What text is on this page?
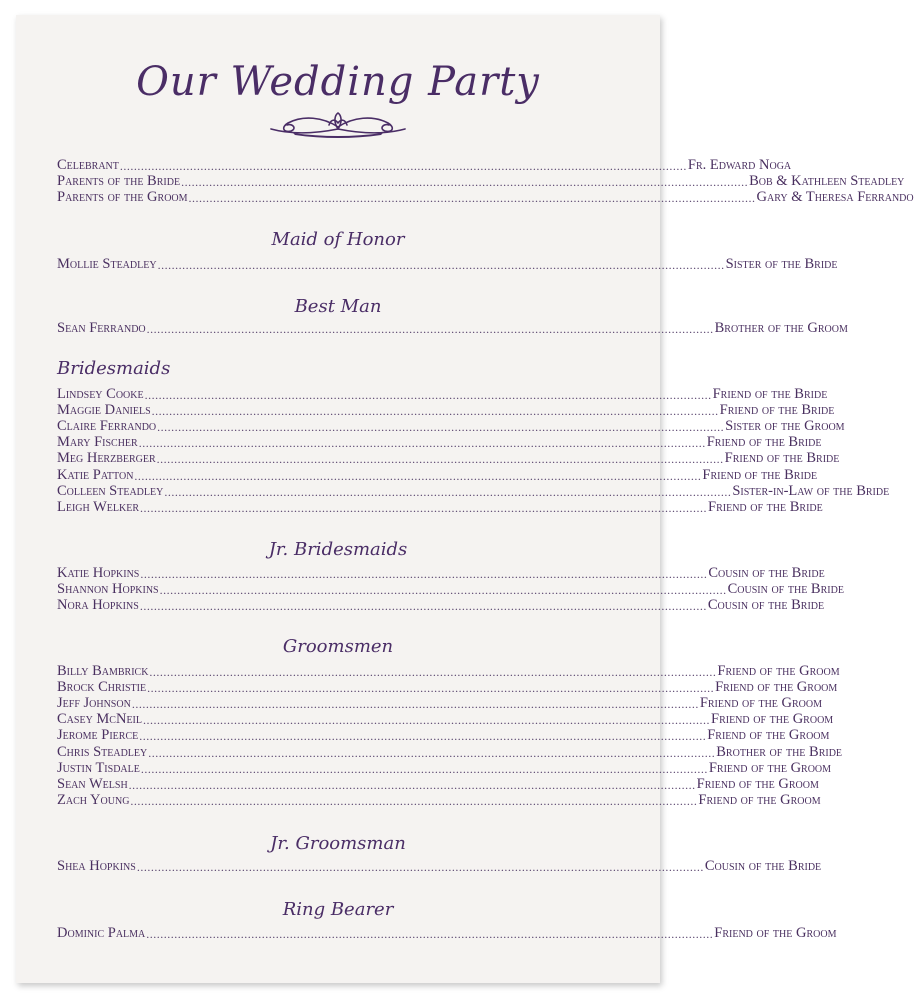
Our Wedding Party
Celebrant .................................................................................................................................................................. Fr. Edward Noga
Parents of the Bride .................................................................................................................................................................. Bob & Kathleen Steadley
Parents of the Groom .................................................................................................................................................................. Gary & Theresa Ferrando
Maid of Honor
Mollie Steadley .................................................................................................................................................................. Sister of the Bride
Best Man
Sean Ferrando .................................................................................................................................................................. Brother of the Groom
Bridesmaids
Lindsey Cooke .................................................................................................................................................................. Friend of the Bride
Maggie Daniels .................................................................................................................................................................. Friend of the Bride
Claire Ferrando .................................................................................................................................................................. Sister of the Groom
Mary Fischer .................................................................................................................................................................. Friend of the Bride
Meg Herzberger .................................................................................................................................................................. Friend of the Bride
Katie Patton .................................................................................................................................................................. Friend of the Bride
Colleen Steadley .................................................................................................................................................................. Sister-in-Law of the Bride
Leigh Welker .................................................................................................................................................................. Friend of the Bride
Jr. Bridesmaids
Katie Hopkins .................................................................................................................................................................. Cousin of the Bride
Shannon Hopkins .................................................................................................................................................................. Cousin of the Bride
Nora Hopkins .................................................................................................................................................................. Cousin of the Bride
Groomsmen
Billy Bambrick .................................................................................................................................................................. Friend of the Groom
Brock Christie .................................................................................................................................................................. Friend of the Groom
Jeff Johnson .................................................................................................................................................................. Friend of the Groom
Casey McNeil .................................................................................................................................................................. Friend of the Groom
Jerome Pierce .................................................................................................................................................................. Friend of the Groom
Chris Steadley .................................................................................................................................................................. Brother of the Bride
Justin Tisdale .................................................................................................................................................................. Friend of the Groom
Sean Welsh .................................................................................................................................................................. Friend of the Groom
Zach Young .................................................................................................................................................................. Friend of the Groom
Jr. Groomsman
Shea Hopkins .................................................................................................................................................................. Cousin of the Bride
Ring Bearer
Dominic Palma .................................................................................................................................................................. Friend of the Groom
